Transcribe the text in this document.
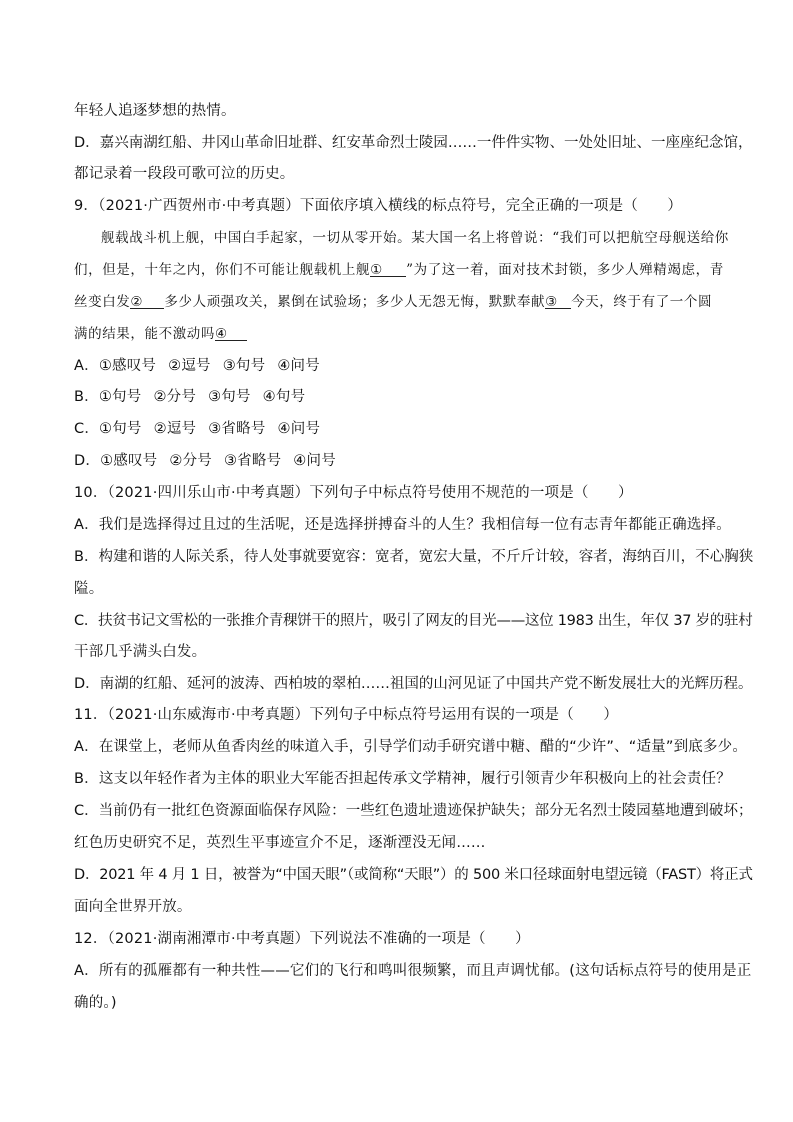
年轻人追逐梦想的热情。
D．嘉兴南湖红船、井冈山革命旧址群、红安革命烈士陵园……一件件实物、一处处旧址、一座座纪念馆，
都记录着一段段可歌可泣的历史。
9．（2021·广西贺州市·中考真题）下面依序填入横线的标点符号，完全正确的一项是（　　）
舰载战斗机上舰，中国白手起家，一切从零开始。某大国一名上将曾说：“我们可以把航空母舰送给你
们，但是，十年之内，你们不可能让舰载机上舰① ”为了这一着，面对技术封锁，多少人殚精竭虑，青
丝变白发② 多少人顽强攻关，累倒在试验场；多少人无怨无悔，默默奉献③ 今天，终于有了一个圆
满的结果，能不激动吗④
A．①感叹号 ②逗号 ③句号 ④问号
B．①句号 ②分号 ③句号 ④句号
C．①句号 ②逗号 ③省略号 ④问号
D．①感叹号 ②分号 ③省略号 ④问号
10．（2021·四川乐山市·中考真题）下列句子中标点符号使用不规范的一项是（　　）
A．我们是选择得过且过的生活呢，还是选择拼搏奋斗的人生？我相信每一位有志青年都能正确选择。
B．构建和谐的人际关系，待人处事就要宽容：宽者，宽宏大量，不斤斤计较，容者，海纳百川，不心胸狭
隘。
C．扶贫书记文雪松的一张推介青稞饼干的照片，吸引了网友的目光——这位 1983 出生，年仅 37 岁的驻村
干部几乎满头白发。
D．南湖的红船、延河的波涛、西柏坡的翠柏……祖国的山河见证了中国共产党不断发展壮大的光辉历程。
11．（2021·山东威海市·中考真题）下列句子中标点符号运用有误的一项是（　　）
A．在课堂上，老师从鱼香肉丝的味道入手，引导学们动手研究谱中糖、醋的“少许”、“适量”到底多少。
B．这支以年轻作者为主体的职业大军能否担起传承文学精神，履行引领青少年积极向上的社会责任？
C．当前仍有一批红色资源面临保存风险：一些红色遗址遗迹保护缺失；部分无名烈士陵园墓地遭到破坏；
红色历史研究不足，英烈生平事迹宣介不足，逐渐湮没无闻……
D．2021 年 4 月 1 日，被誉为“中国天眼”（或简称“天眼”）的 500 米口径球面射电望远镜（FAST）将正式
面向全世界开放。
12．（2021·湖南湘潭市·中考真题）下列说法不准确的一项是（　　）
A．所有的孤雁都有一种共性——它们的飞行和鸣叫很频繁，而且声调忧郁。(这句话标点符号的使用是正
确的。)
